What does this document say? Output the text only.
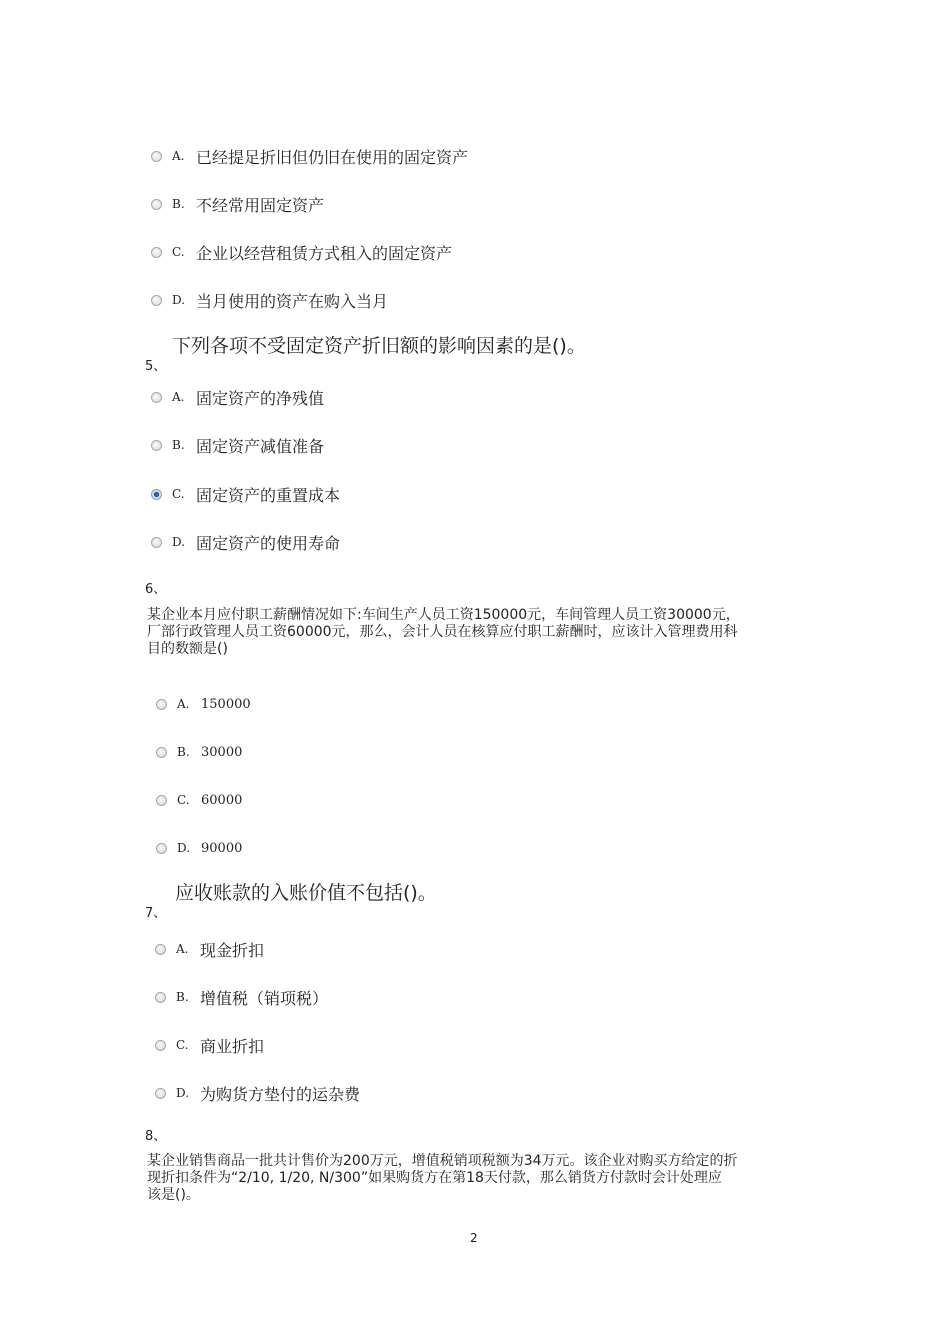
A. 已经提足折旧但仍旧在使用的固定资产
B. 不经常用固定资产
C. 企业以经营租赁方式租入的固定资产
D. 当月使用的资产在购入当月
下列各项不受固定资产折旧额的影响因素的是()。
5、
A. 固定资产的净残值
B. 固定资产减值准备
C. 固定资产的重置成本
D. 固定资产的使用寿命
6、
某企业本月应付职工薪酬情况如下:车间生产人员工资150000元，车间管理人员工资30000元，
厂部行政管理人员工资60000元，那么，会计人员在核算应付职工薪酬时，应该计入管理费用科
目的数额是()
A. 150000
B. 30000
C. 60000
D. 90000
应收账款的入账价值不包括()。
7、
A. 现金折扣
B. 增值税（销项税）
C. 商业折扣
D. 为购货方垫付的运杂费
8、
某企业销售商品一批共计售价为200万元，增值税销项税额为34万元。该企业对购买方给定的折
现折扣条件为“2/10, 1/20, N/300”如果购货方在第18天付款，那么销货方付款时会计处理应
该是()。
2
